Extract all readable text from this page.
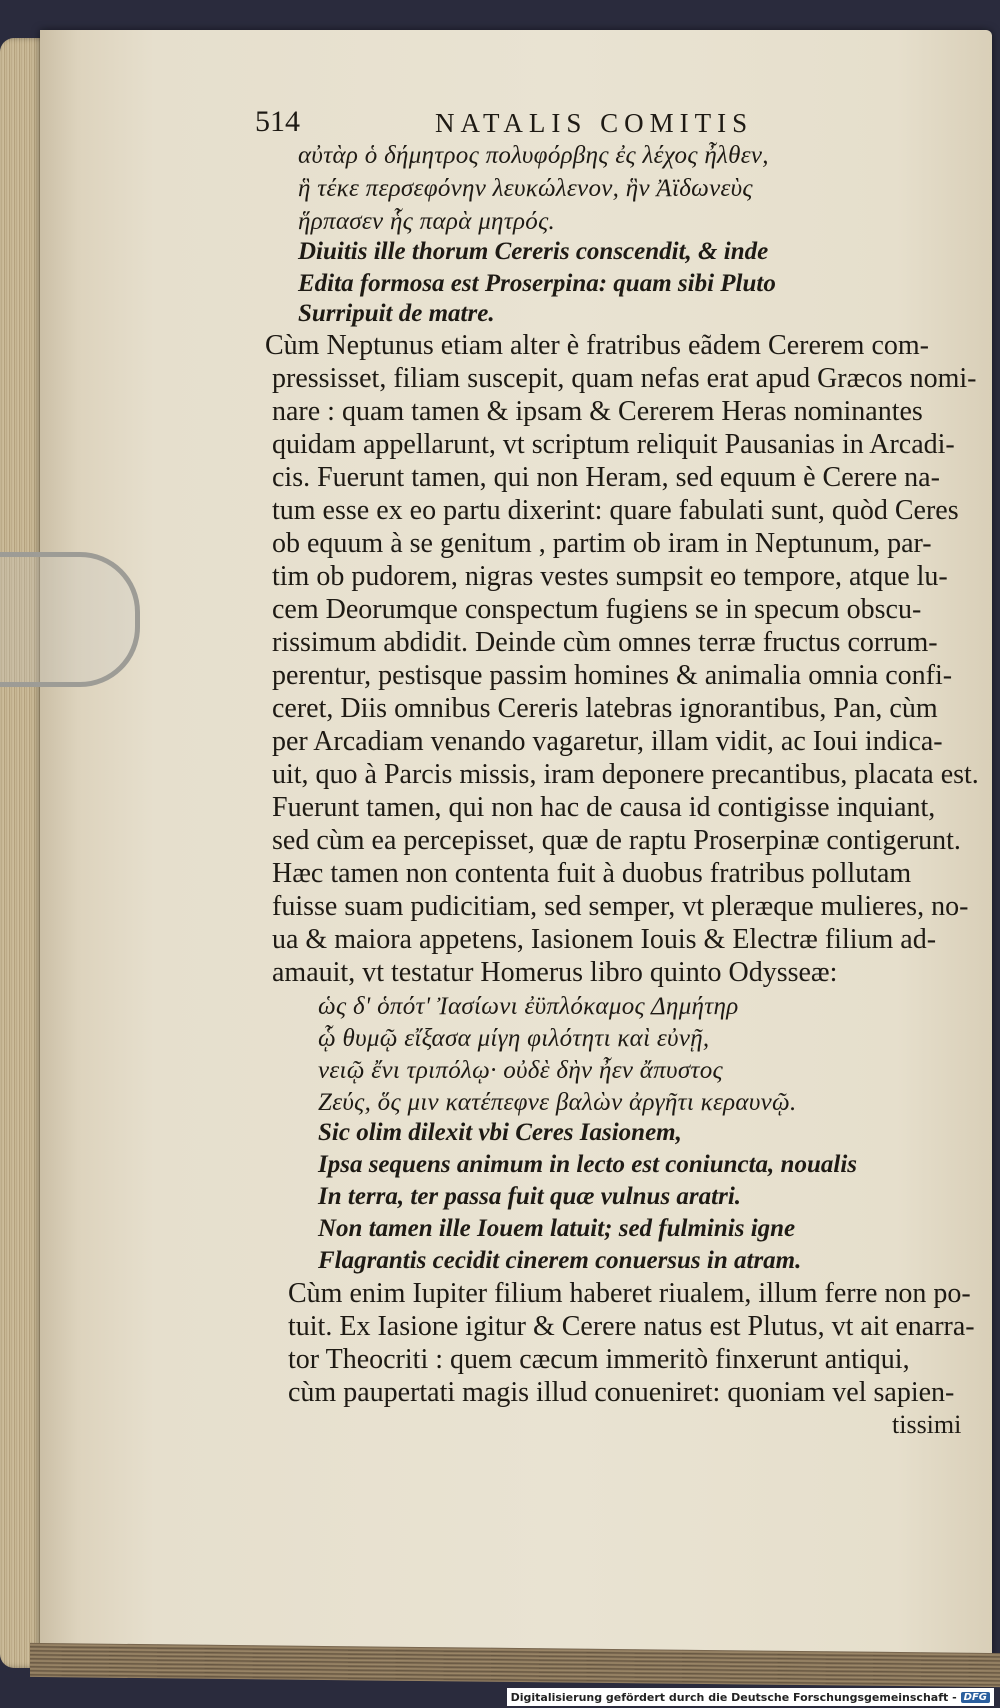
514	NATALIS COMITIS
αὐτὰρ ὁ δήμητρος πολυφόρβης ἐς λέχος ἦλθεν,
ἣ τέκε περσεφόνην λευκώλενον, ἣν Ἀϊδωνεὺς
ἥρπασεν ἧς παρὰ μητρός.
Diuitis ille thorum Cereris conscendit, & inde
Edita formosa est Proserpina: quam sibi Pluto
Surripuit de matre.
Cùm Neptunus etiam alter è fratribus eãdem Cererem com-
pressisset, filiam suscepit, quam nefas erat apud Græcos nomi-
nare : quam tamen & ipsam & Cererem Heras nominantes
quidam appellarunt, vt scriptum reliquit Pausanias in Arcadi-
cis. Fuerunt tamen, qui non Heram, sed equum è Cerere na-
tum esse ex eo partu dixerint: quare fabulati sunt, quòd Ceres
ob equum à se genitum , partim ob iram in Neptunum, par-
tim ob pudorem, nigras vestes sumpsit eo tempore, atque lu-
cem Deorumque conspectum fugiens se in specum obscu-
rissimum abdidit. Deinde cùm omnes terræ fructus corrum-
perentur, pestisque passim homines & animalia omnia confi-
ceret, Diis omnibus Cereris latebras ignorantibus, Pan, cùm
per Arcadiam venando vagaretur, illam vidit, ac Ioui indica-
uit, quo à Parcis missis, iram deponere precantibus, placata est.
Fuerunt tamen, qui non hac de causa id contigisse inquiant,
sed cùm ea percepisset, quæ de raptu Proserpinæ contigerunt.
Hæc tamen non contenta fuit à duobus fratribus pollutam
fuisse suam pudicitiam, sed semper, vt pleræque mulieres, no-
ua & maiora appetens, Iasionem Iouis & Electræ filium ad-
amauit, vt testatur Homerus libro quinto Odysseæ:
ὡς δ' ὁπότ' Ἰασίωνι ἐϋπλόκαμος Δημήτηρ
ᾧ θυμῷ εἴξασα μίγη φιλότητι καὶ εὐνῇ,
νειῷ ἔνι τριπόλῳ· οὐδὲ δὴν ἦεν ἄπυστος
Ζεύς, ὅς μιν κατέπεφνε βαλὼν ἀργῆτι κεραυνῷ.
Sic olim dilexit vbi Ceres Iasionem,
Ipsa sequens animum in lecto est coniuncta, noualis
In terra, ter passa fuit quæ vulnus aratri.
Non tamen ille Iouem latuit; sed fulminis igne
Flagrantis cecidit cinerem conuersus in atram.
Cùm enim Iupiter filium haberet riualem, illum ferre non po-
tuit. Ex Iasione igitur & Cerere natus est Plutus, vt ait enarra-
tor Theocriti : quem cæcum immeritò finxerunt antiqui,
cùm paupertati magis illud conueniret: quoniam vel sapien-
tissimi
Digitalisierung gefördert durch die Deutsche Forschungsgemeinschaft - DFG
